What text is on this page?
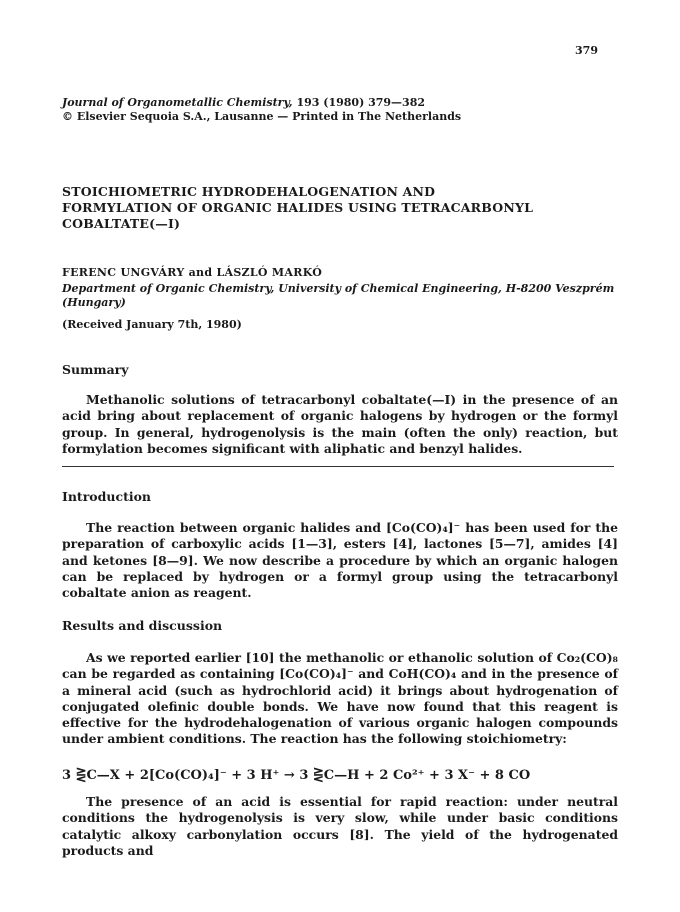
379
Journal of Organometallic Chemistry, 193 (1980) 379—382
© Elsevier Sequoia S.A., Lausanne — Printed in The Netherlands
STOICHIOMETRIC HYDRODEHALOGENATION AND
FORMYLATION OF ORGANIC HALIDES USING TETRACARBONYL
COBALTATE(—I)
FERENC UNGVÁRY and LÁSZLÓ MARKÓ
Department of Organic Chemistry, University of Chemical Engineering, H-8200 Veszprém
(Hungary)
(Received January 7th, 1980)
Summary

Methanolic solutions of tetracarbonyl cobaltate(—I) in the presence of an acid bring about replacement of organic halogens by hydrogen or the formyl group. In general, hydrogenolysis is the main (often the only) reaction, but formylation becomes significant with aliphatic and benzyl halides.

Introduction

The reaction between organic halides and [Co(CO)₄]⁻ has been used for the preparation of carboxylic acids [1—3], esters [4], lactones [5—7], amides [4] and ketones [8—9]. We now describe a procedure by which an organic halogen can be replaced by hydrogen or a formyl group using the tetracarbonyl cobaltate anion as reagent.

Results and discussion

As we reported earlier [10] the methanolic or ethanolic solution of Co₂(CO)₈ can be regarded as containing [Co(CO)₄]⁻ and CoH(CO)₄ and in the presence of a mineral acid (such as hydrochlorid acid) it brings about hydrogenation of conjugated olefinic double bonds. We have now found that this reagent is effective for the hydrodehalogenation of various organic halogen compounds under ambient conditions. The reaction has the following stoichiometry:

3 ⋛C—X + 2[Co(CO)₄]⁻ + 3 H⁺ → 3 ⋛C—H + 2 Co²⁺ + 3 X⁻ + 8 CO

The presence of an acid is essential for rapid reaction: under neutral conditions the hydrogenolysis is very slow, while under basic conditions catalytic alkoxy carbonylation occurs [8]. The yield of the hydrogenated products and
